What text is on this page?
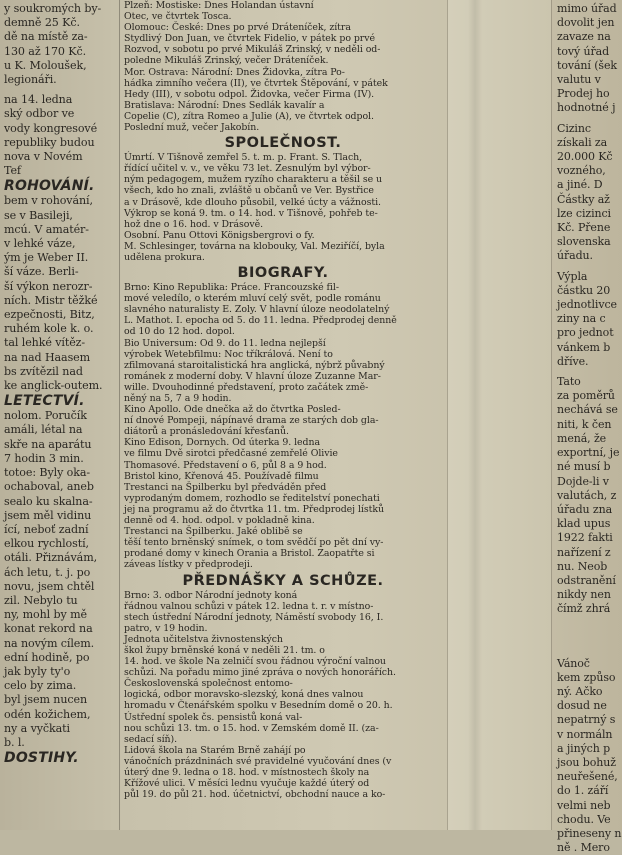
y soukromých by-
demně 25 Kč.
dě na místě za-
130 až 170 Kč.
u K. Moloušek,
legionáři.
na 14. ledna
ský odbor ve
vody kongresové
republiky budou
nova v Novém
Tef
ROHOVÁNÍ.
bem v rohování,
se v Basileji,
mcú. V amatér-
v lehké váze,
ým je Weber II.
ší váze. Berli-
ší výkon nerozr-
ních. Mistr těžké
ezpečnosti, Bitz,
ruhém kole k. o.
tal lehké vítěz-
na nad Haasem
bs zvítězil nad
ke anglick-outem.
LETECTVÍ.
nolom. Poručík
amáli, létal na
skře na aparátu
7 hodin 3 min.
totoe: Byly oka-
ochaboval, aneb
sealo ku skalna-
jsem měl vidinu
ící, neboť zadní
elkou rychlostí,
otáli. Přiznávám,
ách letu, t. j. po
novu, jsem chtěl
zil. Nebylo tu
ny, mohl by mě
konat rekord na
na novým cílem.
ední hodině, po
jak byly ty'o
celo by zima.
byl jsem nucen
odén kožichem,
ny a vyčkati
b. l.
DOSTIHY.
Plzeň: Mostiske: Dnes Holandan ústavní
Otec, ve čtvrtek Tosca.
Olomouc: České: Dnes po prvé Dráteníček, zítra
Stydlivý Don Juan, ve čtvrtek Fidelio, v pátek po prvé
Rozvod, v sobotu po prvé Mikuláš Zrinský, v neděli od-
poledne Mikuláš Zrinský, večer Dráteníček.
Mor. Ostrava: Národní: Dnes Židovka, zítra Po-
hádka zimního večera (II), ve čtvrtek Štěpování, v pátek
Hedy (III), v sobotu odpol. Židovka, večer Firma (IV).
Bratislava: Národní: Dnes Sedlák kavalír a
Copelie (C), zítra Romeo a Julie (A), ve čtvrtek odpol.
Poslední muž, večer Jakobín.
SPOLEČNOST.
Úmrtí. V Tišnově zemřel 5. t. m. p. Frant. S. Tlach,
řídící učitel v. v., ve věku 73 let. Zesnulým byl výbor-
ným pedagogem, mužem ryzího charakteru a těšil se u
všech, kdo ho znali, zvláště u občanů ve Ver. Bystřice
a v Drásově, kde dlouho působil, velké úcty a vážnosti.
Výkrop se koná 9. tm. o 14. hod. v Tišnově, pohřeb te-
hož dne o 16. hod. v Drásově.
Osobní. Panu Ottovi Königsbergrovi o fy.
M. Schlesinger, továrna na klobouky, Val. Meziříčí, byla
udělena prokura.
BIOGRAFY.
Brno: Kino Republika: Práce. Francouzské fil-
mové veledílo, o kterém mluví celý svět, podle románu
slavného naturalisty E. Zoly. V hlavní úloze neodolatelný
L. Mathot. I. epocha od 5. do 11. ledna. Předprodej denně
od 10 do 12 hod. dopol.
Bio Universum: Od 9. do 11. ledna nejlepší
výrobek Wetebfilmu: Noc tříkrálová. Není to
zfilmovaná staroitalistická hra anglická, nýbrž půvabný
románek z moderní doby. V hlavní úloze Zuzanne Mar-
wille. Dvouhodinné představení, proto začátek změ-
něný na 5, 7 a 9 hodin.
Kino Apollo. Ode dnečka až do čtvrtka Posled-
ní dnové Pompeji, nápínavé drama ze starých dob gla-
diátorů a pronásledování křesťanů.
Kino Edison, Dornych. Od úterka 9. ledna
ve filmu Dvě sirotci předčasné zemřelé Olivie
Thomasové. Představení o 6, půl 8 a 9 hod.
Bristol kino, Křenová 45. Používadě filmu
Trestanci na Špilberku byl předváděn před
vyprodaným domem, rozhodlo se ředitelství ponechati
jej na programu až do čtvrtka 11. tm. Předprodej lístků
denně od 4. hod. odpol. v pokladně kina.
Trestanci na Špilberku. Jaké oblibě se
těší tento brněnský snímek, o tom svědčí po pět dní vy-
prodané domy v kinech Orania a Bristol. Zaopatřte si
záveas lístky v předprodeji.
PŘEDNÁŠKY A SCHŮZE.
Brno: 3. odbor Národní jednoty koná
řádnou valnou schůzi v pátek 12. ledna t. r. v místno-
stech ústřední Národní jednoty, Náměstí svobody 16, I.
patro, v 19 hodin.
Jednota učitelstva živnostenských
škol župy brněnské koná v neděli 21. tm. o
14. hod. ve škole Na zelničí svou řádnou výroční valnou
schůzi. Na pořadu mimo jiné zpráva o nových honorářích.
Československá společnost entomo-
logická, odbor moravsko-slezský, koná dnes valnou
hromadu v Čtenářském spolku v Besedním domě o 20. h.
Ústřední spolek čs. pensistů koná val-
nou schůzi 13. tm. o 15. hod. v Zemském domě II. (za-
sedací síň).
Lidová škola na Starém Brně zahájí po
vánočních prázdninách své pravidelné vyučování dnes (v
úterý dne 9. ledna o 18. hod. v místnostech školy na
Křížové ulici. V měsíci lednu vyučuje každé úterý od
půl 19. do půl 21. hod. účetnictví, obchodní nauce a ko-
mimo úřad
dovolit jen
zavaze na
tový úřad
tování (šek
valutu v
Prodej ho
hodnotné j
Cizinc
získali za
20.000 Kč
vozného,
a jiné. D
Částky až
lze cizinci
Kč. Přene
slovenska
úřadu.
Výpla
částku 20
jednotlivce
ziny na c
pro jednot
vánkem b
dříve.
Tato
za poměrů
nechává se
niti, k čen
mená, že
exportní, je
né musí b
Dojde-li v
valutách, z
úřadu zna
klad upus
1922 fakti
nařízení z
nu. Neob
odstranění
nikdy nen
čímž zhrá
Vánoč
kem způso
ný. Ačko
dosud ne
nepatrný s
v normáln
a jiných p
jsou bohuž
neuřešené,
do 1. září
velmi neb
chodu. Ve
přineseny n
ně . Mero
